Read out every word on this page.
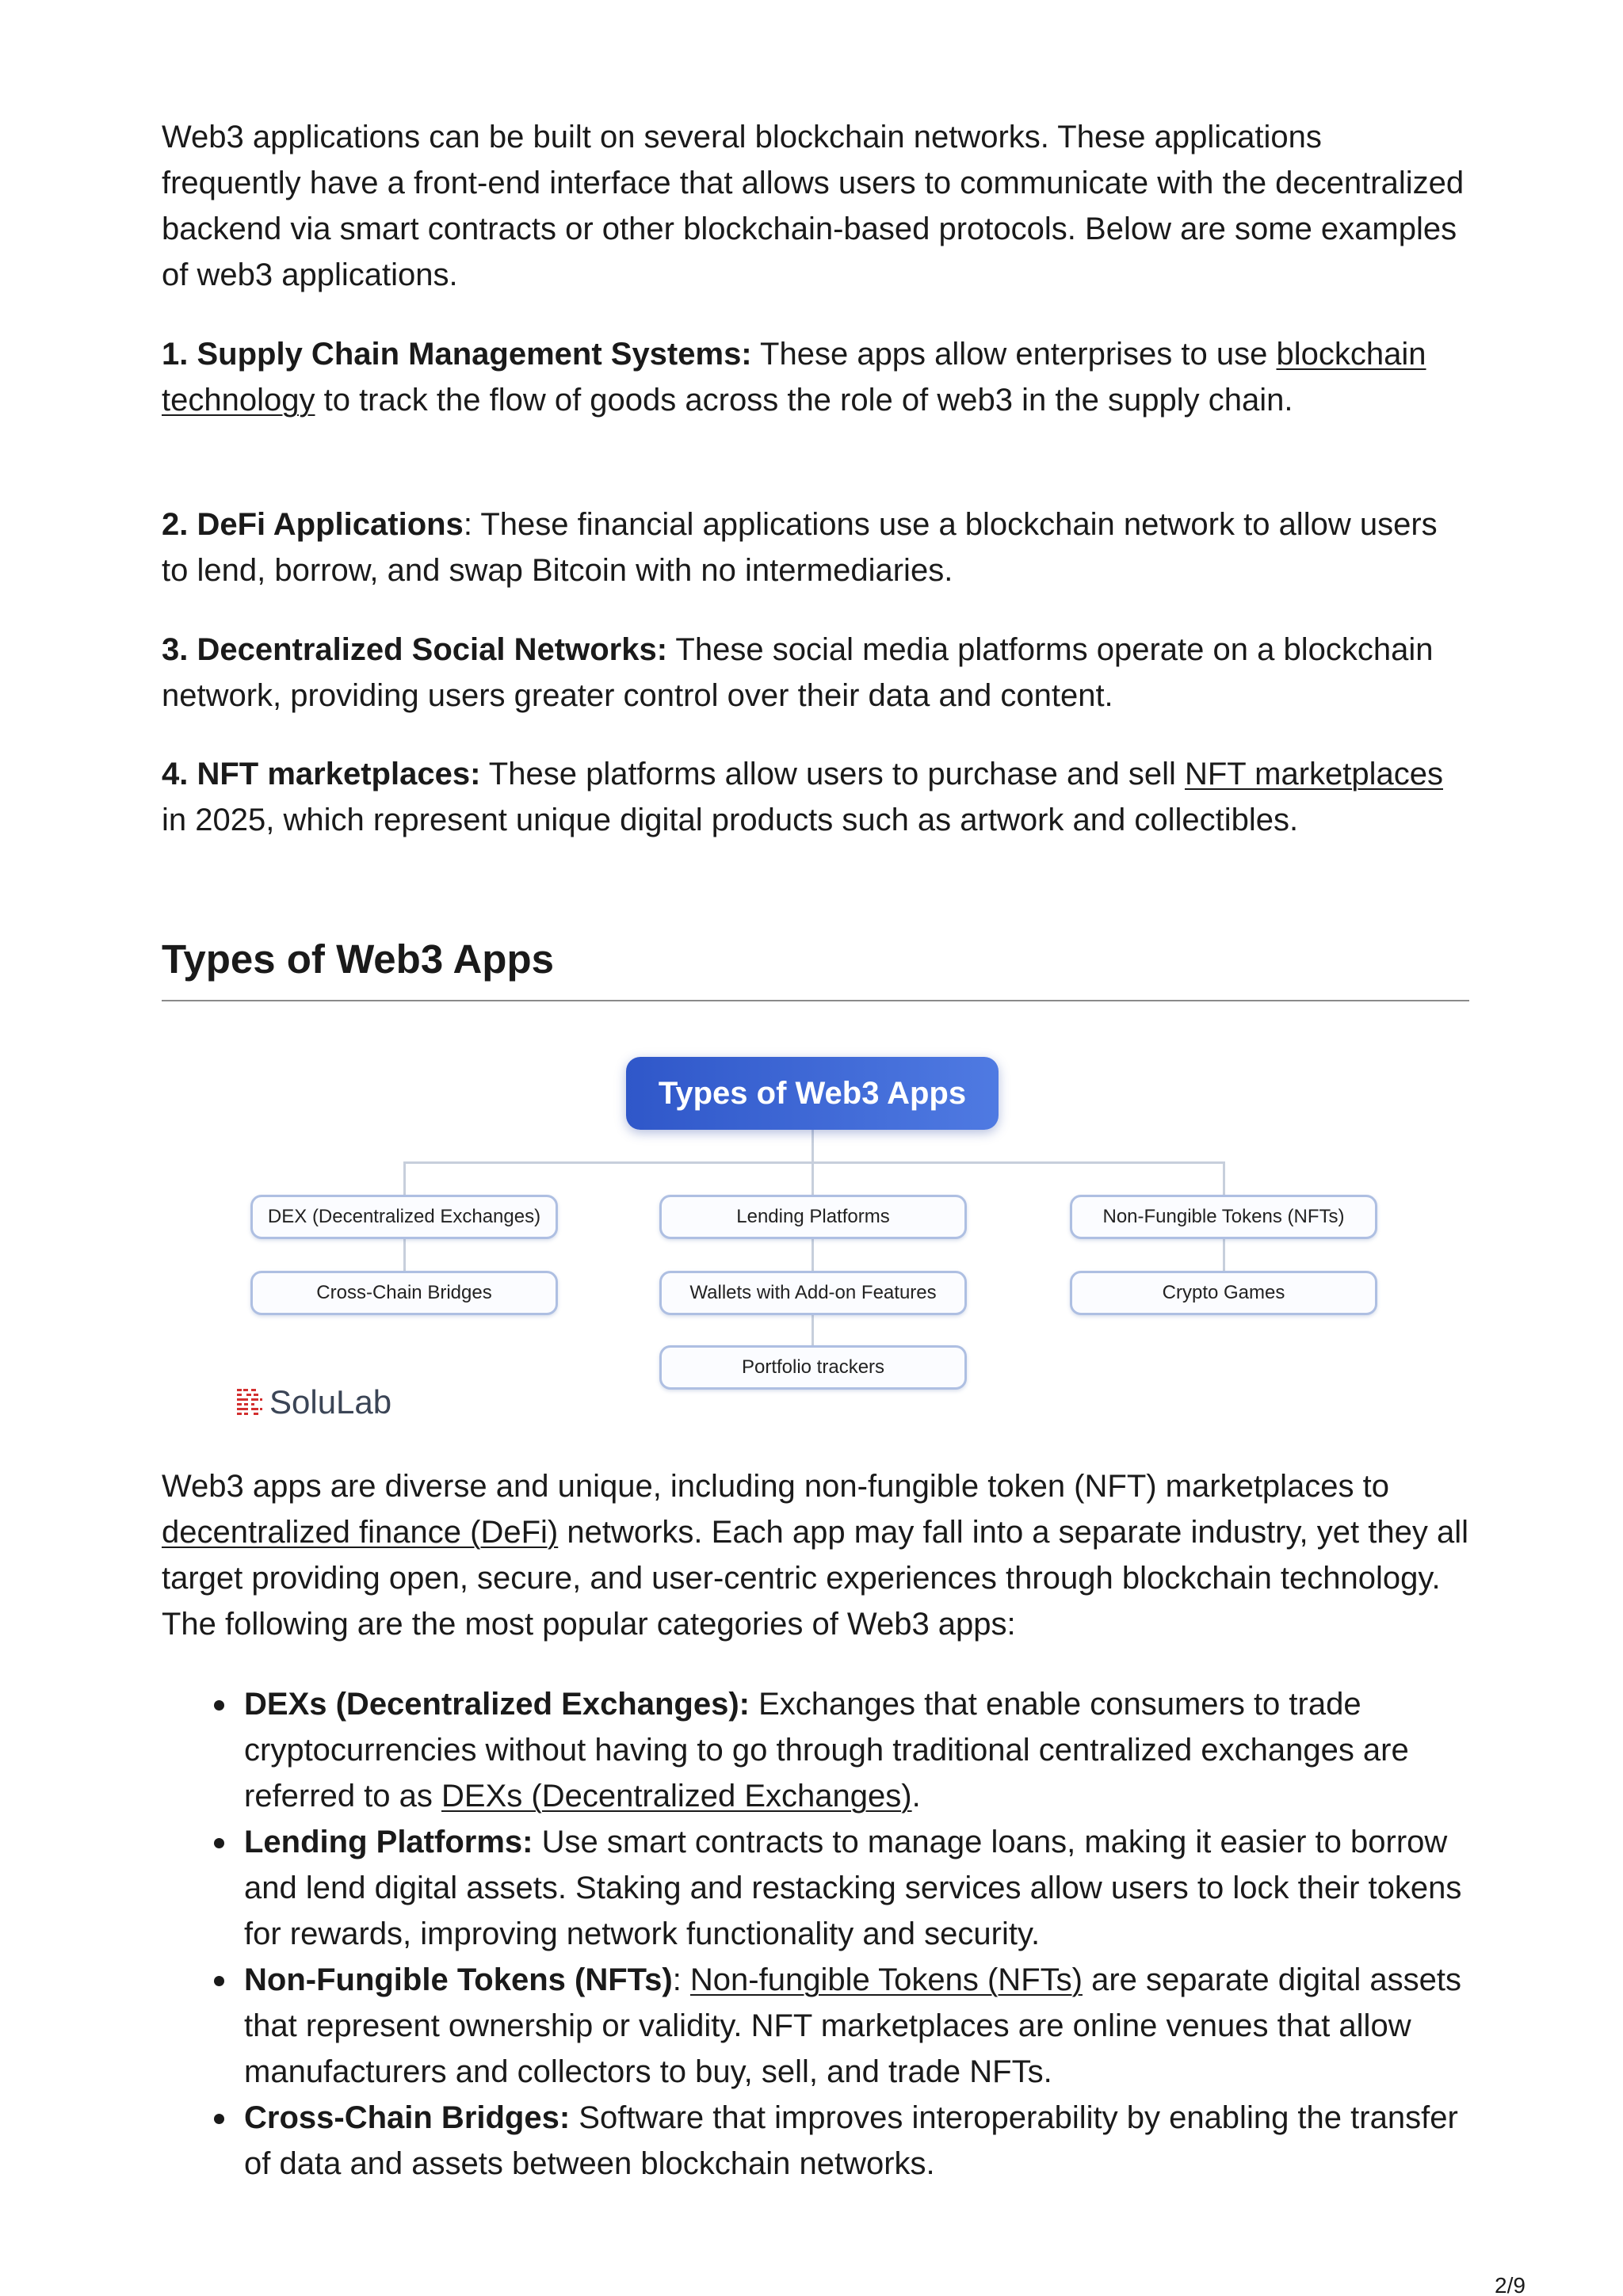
Web3 applications can be built on several blockchain networks. These applications frequently have a front-end interface that allows users to communicate with the decentralized backend via smart contracts or other blockchain-based protocols. Below are some examples of web3 applications.

1. Supply Chain Management Systems: These apps allow enterprises to use blockchain technology to track the flow of goods across the role of web3 in the supply chain.

2. DeFi Applications: These financial applications use a blockchain network to allow users to lend, borrow, and swap Bitcoin with no intermediaries.

3. Decentralized Social Networks: These social media platforms operate on a blockchain network, providing users greater control over their data and content.

4. NFT marketplaces: These platforms allow users to purchase and sell NFT marketplaces in 2025, which represent unique digital products such as artwork and collectibles.

Types of Web3 Apps
Web3 apps are diverse and unique, including non-fungible token (NFT) marketplaces to decentralized finance (DeFi) networks. Each app may fall into a separate industry, yet they all target providing open, secure, and user-centric experiences through blockchain technology. The following are the most popular categories of Web3 apps:
DEXs (Decentralized Exchanges): Exchanges that enable consumers to trade cryptocurrencies without having to go through traditional centralized exchanges are referred to as DEXs (Decentralized Exchanges).
Lending Platforms: Use smart contracts to manage loans, making it easier to borrow and lend digital assets. Staking and restacking services allow users to lock their tokens for rewards, improving network functionality and security.
Non-Fungible Tokens (NFTs): Non-fungible Tokens (NFTs) are separate digital assets that represent ownership or validity. NFT marketplaces are online venues that allow manufacturers and collectors to buy, sell, and trade NFTs.
Cross-Chain Bridges: Software that improves interoperability by enabling the transfer of data and assets between blockchain networks.
Types of Web3 Apps
DEX (Decentralized Exchanges)
Cross-Chain Bridges
Lending Platforms
Wallets with Add-on Features
Portfolio trackers
Non-Fungible Tokens (NFTs)
Crypto Games
SoluLab
2/9
